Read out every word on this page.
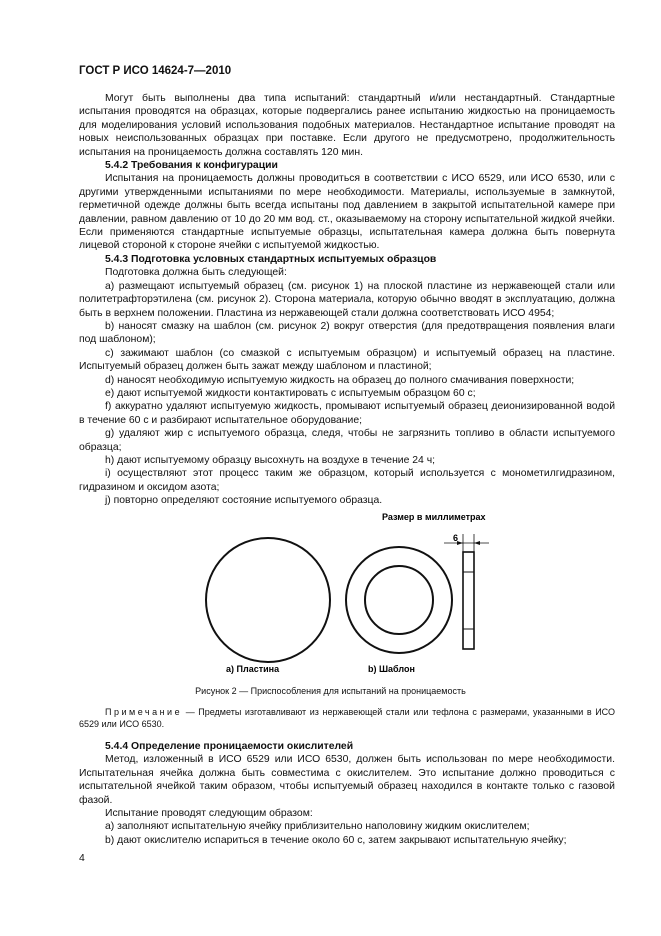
ГОСТ Р ИСО 14624-7—2010

Могут быть выполнены два типа испытаний: стандартный и/или нестандартный. Стандартные испытания проводятся на образцах, которые подвергались ранее испытанию жидкостью на проницаемость для моделирования условий использования подобных материалов. Нестандартное испытание проводят на новых неиспользованных образцах при поставке. Если другого не предусмотрено, продолжительность испытания на проницаемость должна составлять 120 мин.

5.4.2 Требования к конфигурации

Испытания на проницаемость должны проводиться в соответствии с ИСО 6529, или ИСО 6530, или с другими утвержденными испытаниями по мере необходимости. Материалы, используемые в замкнутой, герметичной одежде должны быть всегда испытаны под давлением в закрытой испытательной камере при давлении, равном давлению от 10 до 20 мм вод. ст., оказываемому на сторону испытательной жидкой ячейки. Если применяются стандартные испытуемые образцы, испытательная камера должна быть повернута лицевой стороной к стороне ячейки с испытуемой жидкостью.

5.4.3 Подготовка условных стандартных испытуемых образцов

Подготовка должна быть следующей:

a) размещают испытуемый образец (см. рисунок 1) на плоской пластине из нержавеющей стали или политетрафторэтилена (см. рисунок 2). Сторона материала, которую обычно вводят в эксплуатацию, должна быть в верхнем положении. Пластина из нержавеющей стали должна соответствовать ИСО 4954;

b) наносят смазку на шаблон (см. рисунок 2) вокруг отверстия (для предотвращения появления влаги под шаблоном);

c) зажимают шаблон (со смазкой с испытуемым образцом) и испытуемый образец на пластине. Испытуемый образец должен быть зажат между шаблоном и пластиной;

d) наносят необходимую испытуемую жидкость на образец до полного смачивания поверхности;

e) дают испытуемой жидкости контактировать с испытуемым образцом 60 с;

f) аккуратно удаляют испытуемую жидкость, промывают испытуемый образец деионизированной водой в течение 60 с и разбирают испытательное оборудование;

g) удаляют жир с испытуемого образца, следя, чтобы не загрязнить топливо в области испытуемого образца;

h) дают испытуемому образцу высохнуть на воздухе в течение 24 ч;

i) осуществляют этот процесс таким же образцом, который используется с монометилгидразином, гидразином и оксидом азота;

j) повторно определяют состояние испытуемого образца.

Размер в миллиметрах
6
a) Пластина	b) Шаблон
Рисунок 2 — Приспособления для испытаний на проницаемость
Примечание — Предметы изготавливают из нержавеющей стали или тефлона с размерами, указанными в ИСО 6529 или ИСО 6530.
5.4.4 Определение проницаемости окислителей

Метод, изложенный в ИСО 6529 или ИСО 6530, должен быть использован по мере необходимости. Испытательная ячейка должна быть совместима с окислителем. Это испытание должно проводиться с испытательной ячейкой таким образом, чтобы испытуемый образец находился в контакте только с газовой фазой.

Испытание проводят следующим образом:

a) заполняют испытательную ячейку приблизительно наполовину жидким окислителем;

b) дают окислителю испариться в течение около 60 с, затем закрывают испытательную ячейку;

4
